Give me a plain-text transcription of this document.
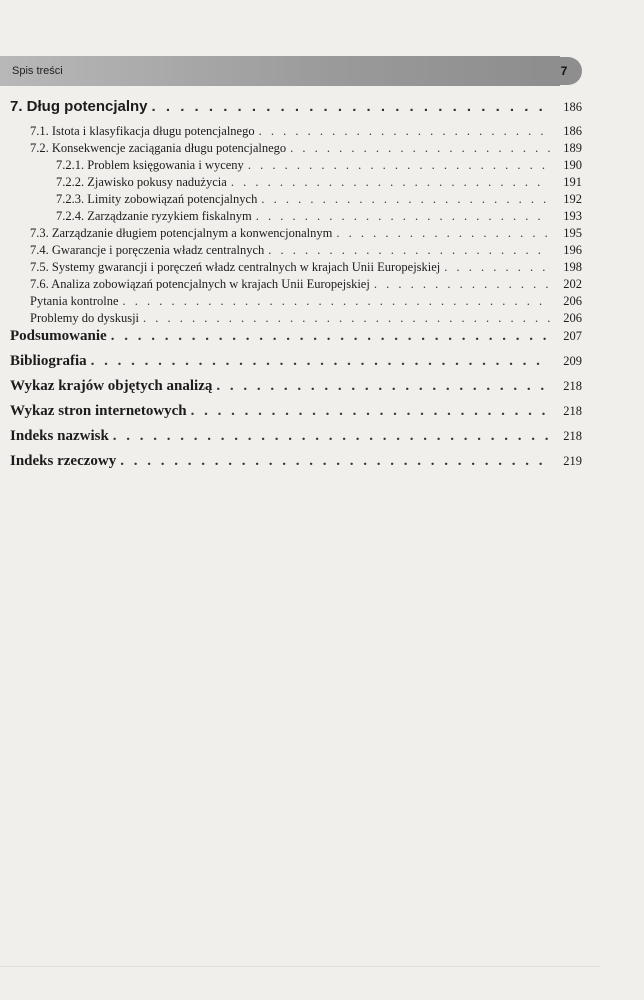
Spis treści	7
7. Dług potencjalny . . .	186
7.1. Istota i klasyfikacja długu potencjalnego . . .	186
7.2. Konsekwencje zaciągania długu potencjalnego . . .	189
7.2.1. Problem księgowania i wyceny . . .	190
7.2.2. Zjawisko pokusy nadużycia . . .	191
7.2.3. Limity zobowiązań potencjalnych . . .	192
7.2.4. Zarządzanie ryzykiem fiskalnym . . .	193
7.3. Zarządzanie długiem potencjalnym a konwencjonalnym . . .	195
7.4. Gwarancje i poręczenia władz centralnych . . .	196
7.5. Systemy gwarancji i poręczeń władz centralnych w krajach Unii Europejskiej . . .	198
7.6. Analiza zobowiązań potencjalnych w krajach Unii Europejskiej . . .	202
Pytania kontrolne . . .	206
Problemy do dyskusji . . .	206
Podsumowanie . . .	207
Bibliografia . . .	209
Wykaz krajów objętych analizą . . .	218
Wykaz stron internetowych . . .	218
Indeks nazwisk . . .	218
Indeks rzeczowy . . .	219
